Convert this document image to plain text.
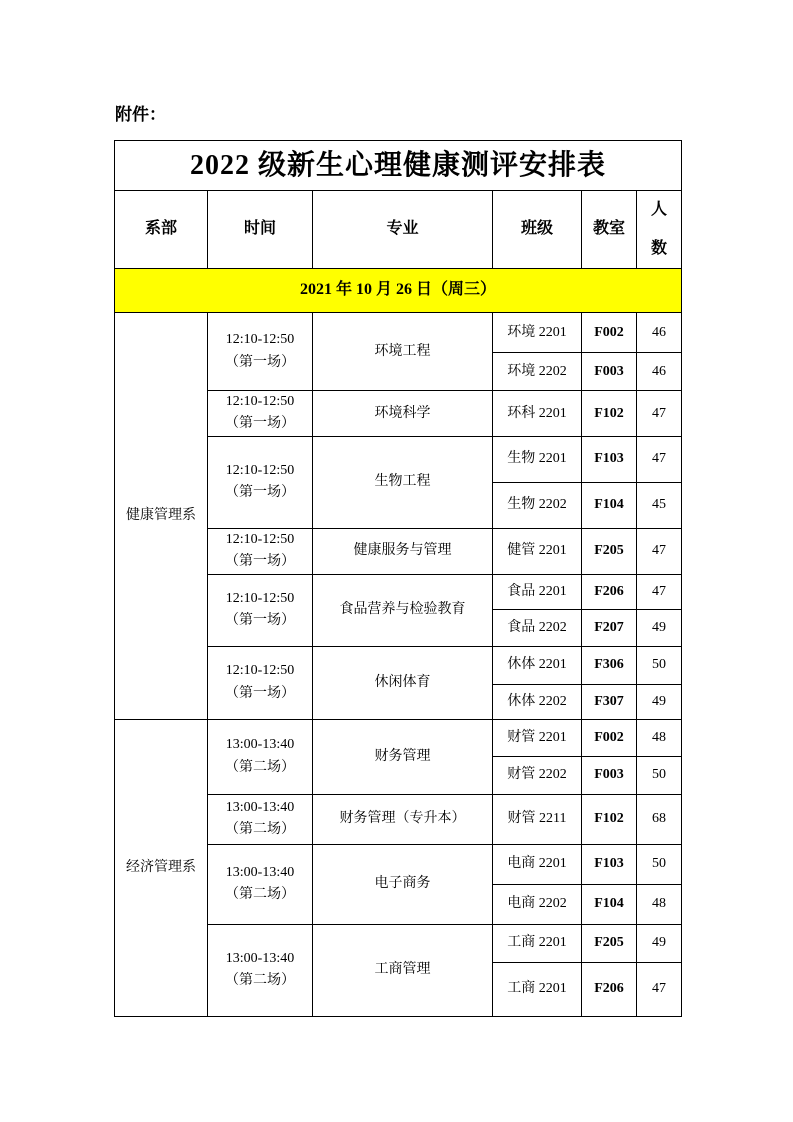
附件：
2022 级新生心理健康测评安排表					
系部	时间	专业	班级	教室	人数

2021 年 10 月 26 日（周三）					
健康管理系	12:10-12:50
（第一场）	环境工程	环境 2201	F002	46
			环境 2202	F003	46

	12:10-12:50
（第一场）	环境科学	环科 2201	F102	47

	12:10-12:50
（第一场）	生物工程	生物 2201	F103	47
			生物 2202	F104	45

	12:10-12:50
（第一场）	健康服务与管理	健管 2201	F205	47

	12:10-12:50
（第一场）	食品营养与检验教育	食品 2201	F206	47
			食品 2202	F207	49

	12:10-12:50
（第一场）	休闲体育	休体 2201	F306	50
			休体 2202	F307	49
经济管理系	13:00-13:40
（第二场）	财务管理	财管 2201	F002	48
			财管 2202	F003	50

	13:00-13:40
（第二场）	财务管理（专升本）	财管 2211	F102	68

	13:00-13:40
（第二场）	电子商务	电商 2201	F103	50
			电商 2202	F104	48

	13:00-13:40
（第二场）	工商管理	工商 2201	F205	49
			工商 2201	F206	47
